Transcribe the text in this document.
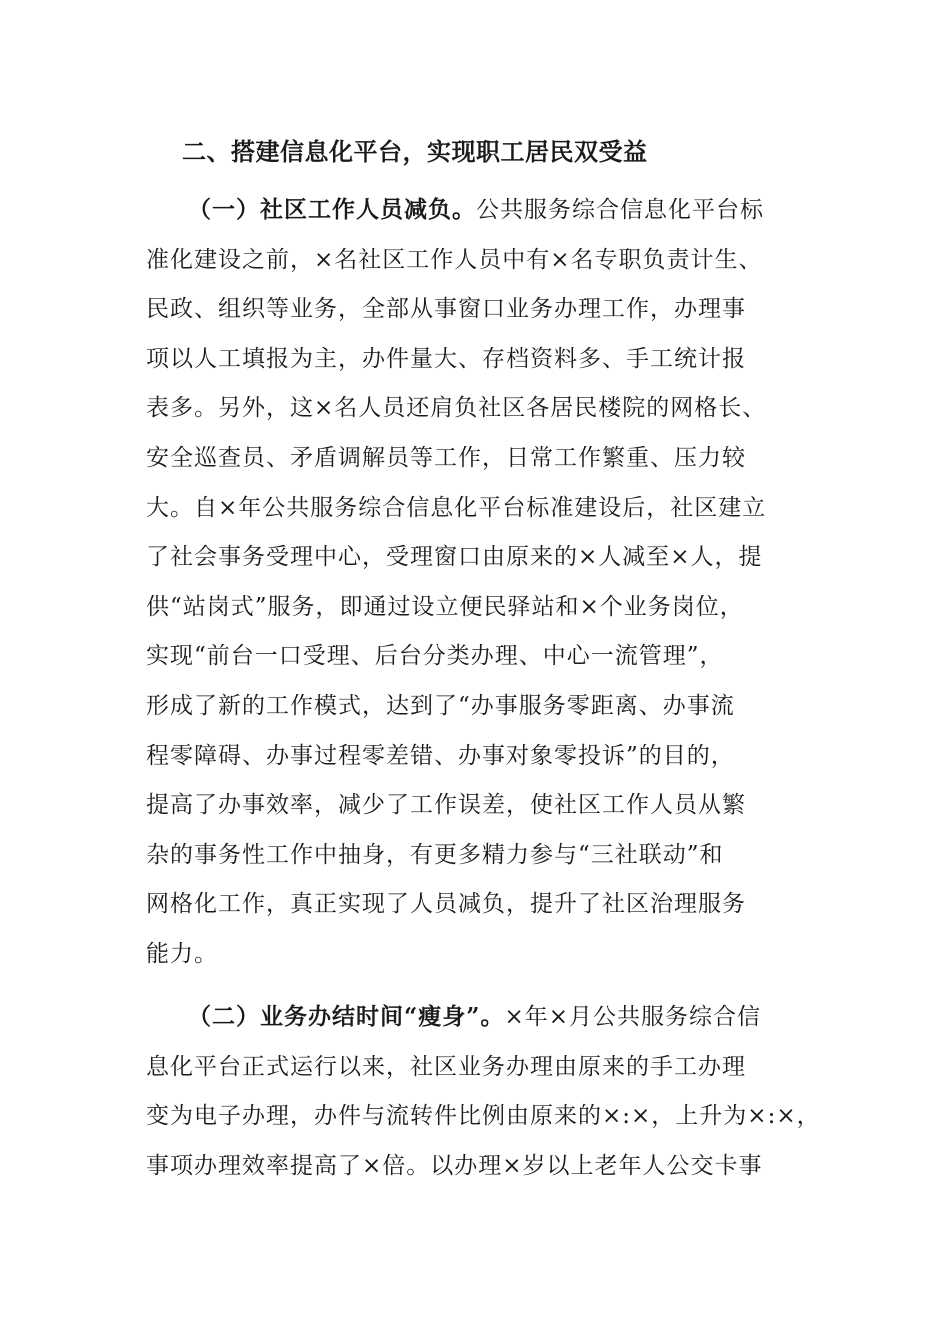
二、搭建信息化平台，实现职工居民双受益
（一）社区工作人员减负。公共服务综合信息化平台标
准化建设之前，×名社区工作人员中有×名专职负责计生、
民政、组织等业务，全部从事窗口业务办理工作，办理事
项以人工填报为主，办件量大、存档资料多、手工统计报
表多。另外，这×名人员还肩负社区各居民楼院的网格长、
安全巡查员、矛盾调解员等工作，日常工作繁重、压力较
大。自×年公共服务综合信息化平台标准建设后，社区建立
了社会事务受理中心，受理窗口由原来的×人减至×人，提
供“站岗式”服务，即通过设立便民驿站和×个业务岗位，
实现“前台一口受理、后台分类办理、中心一流管理”，
形成了新的工作模式，达到了“办事服务零距离、办事流
程零障碍、办事过程零差错、办事对象零投诉”的目的，
提高了办事效率，减少了工作误差，使社区工作人员从繁
杂的事务性工作中抽身，有更多精力参与“三社联动”和
网格化工作，真正实现了人员减负，提升了社区治理服务
能力。
（二）业务办结时间“瘦身”。×年×月公共服务综合信
息化平台正式运行以来，社区业务办理由原来的手工办理
变为电子办理，办件与流转件比例由原来的×:×，上升为×:×，
事项办理效率提高了×倍。以办理×岁以上老年人公交卡事
